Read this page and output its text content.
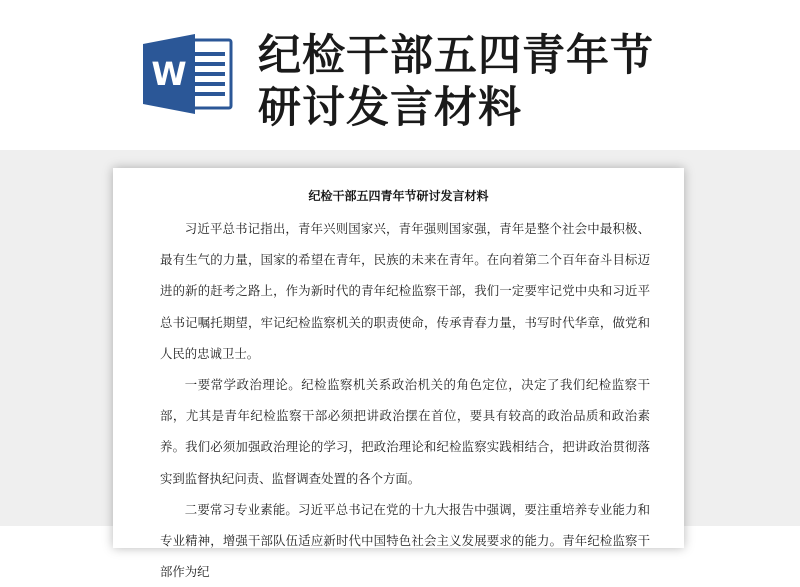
W 纪检干部五四青年节
研讨发言材料
纪检干部五四青年节研讨发言材料

习近平总书记指出，青年兴则国家兴，青年强则国家强，青年是整个社会中最积极、最有生气的力量，国家的希望在青年，民族的未来在青年。在向着第二个百年奋斗目标迈进的新的赶考之路上，作为新时代的青年纪检监察干部，我们一定要牢记党中央和习近平总书记嘱托期望，牢记纪检监察机关的职责使命，传承青春力量，书写时代华章，做党和人民的忠诚卫士。

一要常学政治理论。纪检监察机关系政治机关的角色定位，决定了我们纪检监察干部，尤其是青年纪检监察干部必须把讲政治摆在首位，要具有较高的政治品质和政治素养。我们必须加强政治理论的学习，把政治理论和纪检监察实践相结合，把讲政治贯彻落实到监督执纪问责、监督调查处置的各个方面。

二要常习专业素能。习近平总书记在党的十九大报告中强调，要注重培养专业能力和专业精神，增强干部队伍适应新时代中国特色社会主义发展要求的能力。青年纪检监察干部作为纪
